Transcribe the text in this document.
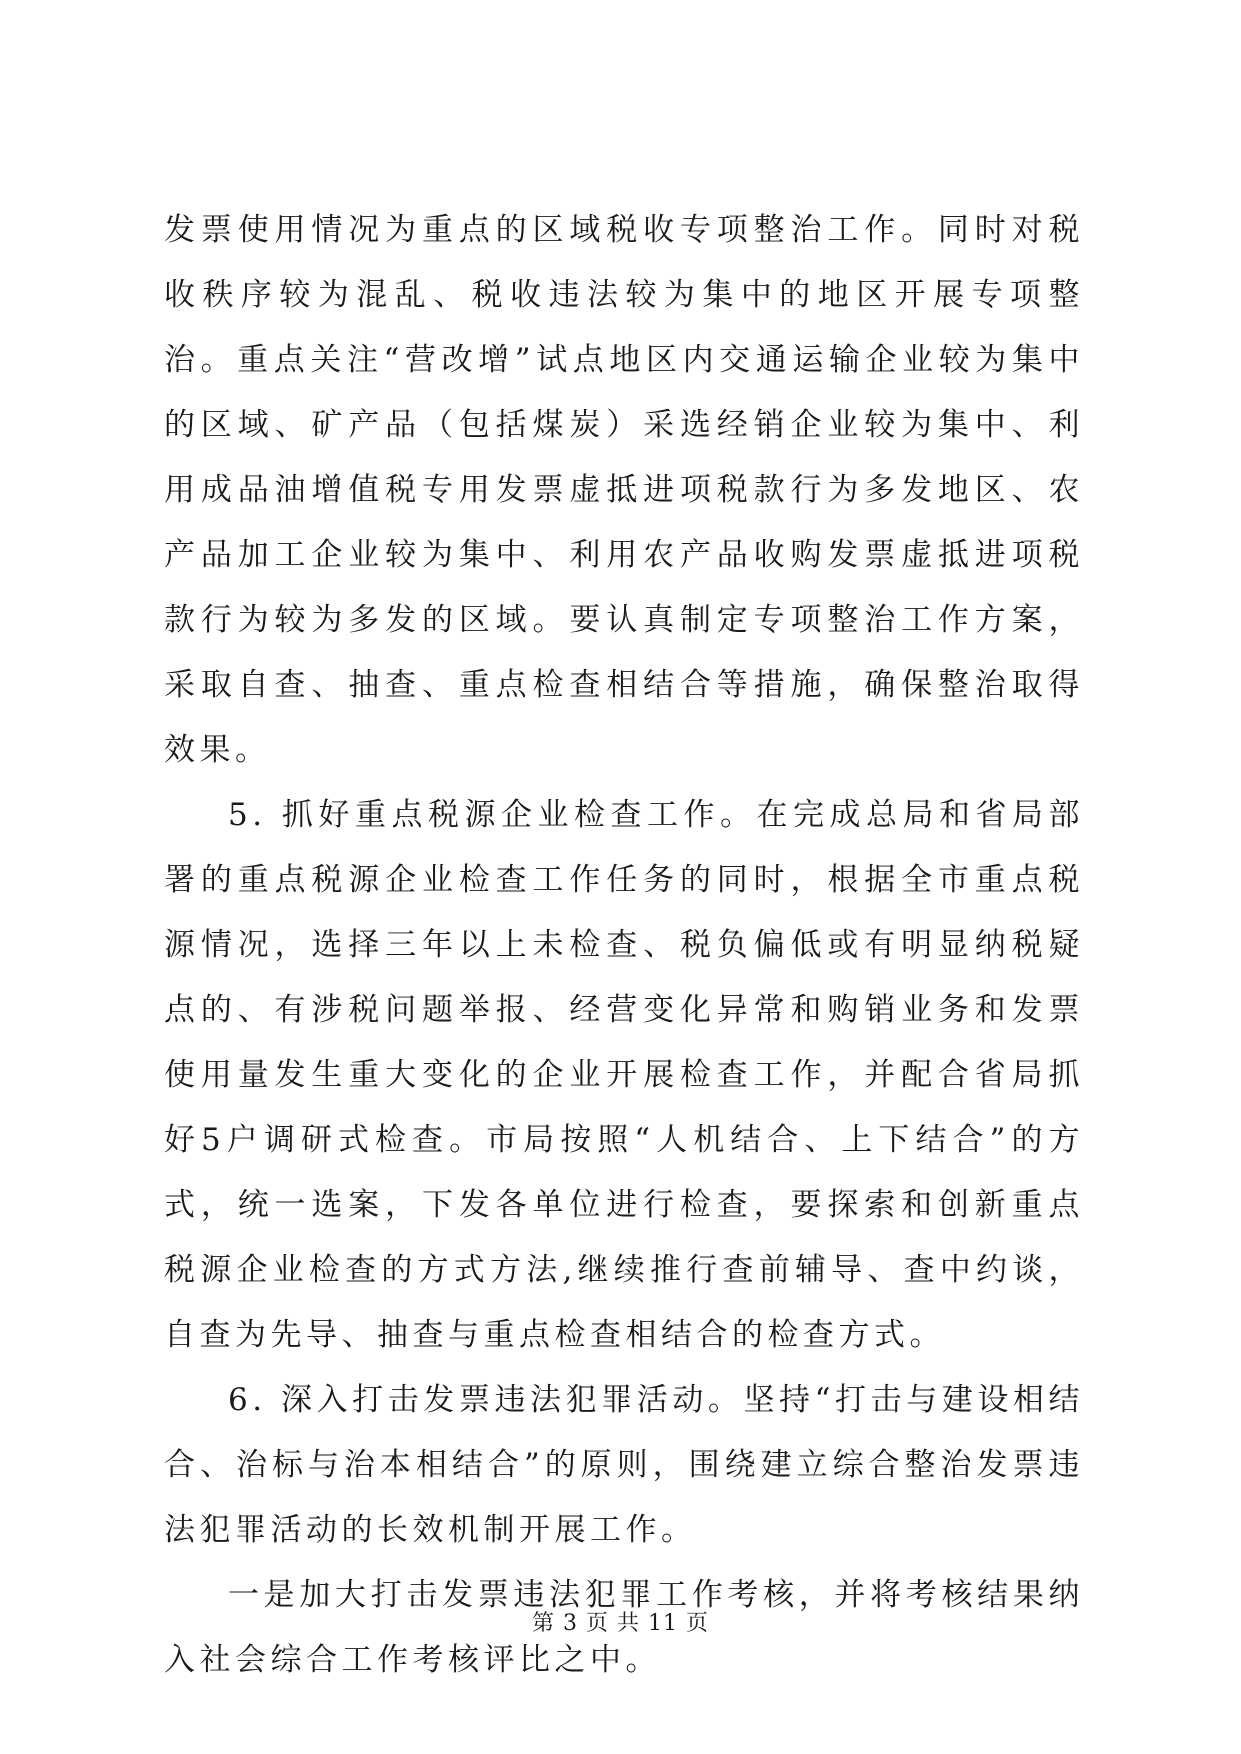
发票使用情况为重点的区域税收专项整治工作。同时对税收秩序较为混乱、税收违法较为集中的地区开展专项整治。重点关注“营改增”试点地区内交通运输企业较为集中的区域、矿产品（包括煤炭）采选经销企业较为集中、利用成品油增值税专用发票虚抵进项税款行为多发地区、农产品加工企业较为集中、利用农产品收购发票虚抵进项税款行为较为多发的区域。要认真制定专项整治工作方案，采取自查、抽查、重点检查相结合等措施，确保整治取得效果。

5. 抓好重点税源企业检查工作。在完成总局和省局部署的重点税源企业检查工作任务的同时，根据全市重点税源情况，选择三年以上未检查、税负偏低或有明显纳税疑点的、有涉税问题举报、经营变化异常和购销业务和发票使用量发生重大变化的企业开展检查工作，并配合省局抓好5户调研式检查。市局按照“人机结合、上下结合”的方式，统一选案，下发各单位进行检查，要探索和创新重点税源企业检查的方式方法,继续推行查前辅导、查中约谈，自查为先导、抽查与重点检查相结合的检查方式。

6. 深入打击发票违法犯罪活动。坚持“打击与建设相结合、治标与治本相结合”的原则，围绕建立综合整治发票违法犯罪活动的长效机制开展工作。

一是加大打击发票违法犯罪工作考核，并将考核结果纳入社会综合工作考核评比之中。

第 3 页 共 11 页
